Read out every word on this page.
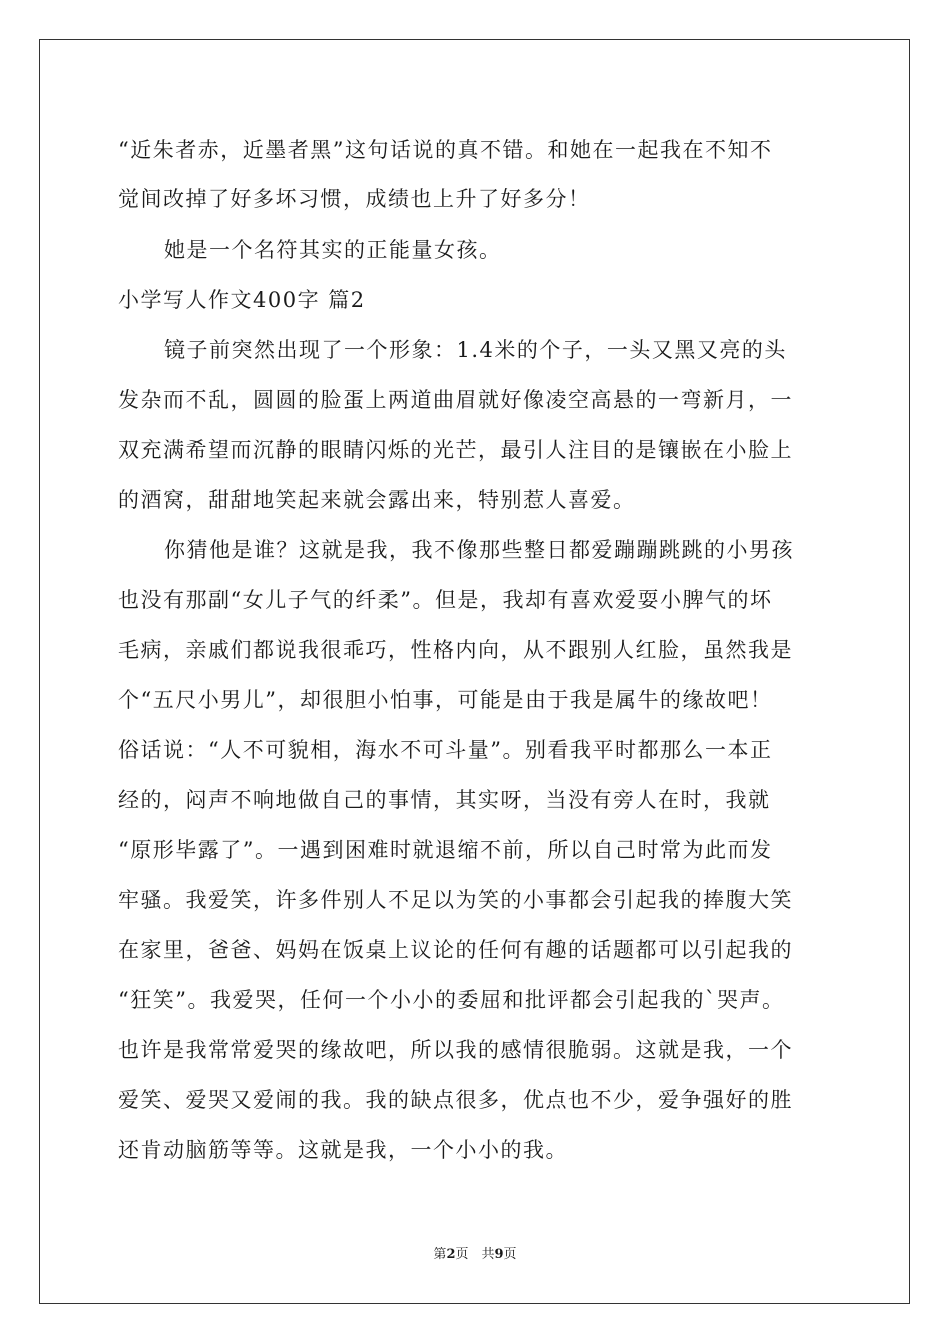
“近朱者赤，近墨者黑”这句话说的真不错。和她在一起我在不知不
觉间改掉了好多坏习惯，成绩也上升了好多分！
她是一个名符其实的正能量女孩。
小学写人作文400字 篇2
镜子前突然出现了一个形象：1.4米的个子，一头又黑又亮的头
发杂而不乱，圆圆的脸蛋上两道曲眉就好像凌空高悬的一弯新月，一
双充满希望而沉静的眼睛闪烁的光芒，最引人注目的是镶嵌在小脸上
的酒窝，甜甜地笑起来就会露出来，特别惹人喜爱。
你猜他是谁？这就是我，我不像那些整日都爱蹦蹦跳跳的小男孩
也没有那副“女儿子气的纤柔”。但是，我却有喜欢爱耍小脾气的坏
毛病，亲戚们都说我很乖巧，性格内向，从不跟别人红脸，虽然我是
个“五尺小男儿”，却很胆小怕事，可能是由于我是属牛的缘故吧！
俗话说：“人不可貌相，海水不可斗量”。别看我平时都那么一本正
经的，闷声不响地做自己的事情，其实呀，当没有旁人在时，我就
“原形毕露了”。一遇到困难时就退缩不前，所以自己时常为此而发
牢骚。我爱笑，许多件别人不足以为笑的小事都会引起我的捧腹大笑
在家里，爸爸、妈妈在饭桌上议论的任何有趣的话题都可以引起我的
“狂笑”。我爱哭，任何一个小小的委屈和批评都会引起我的`哭声。
也许是我常常爱哭的缘故吧，所以我的感情很脆弱。这就是我，一个
爱笑、爱哭又爱闹的我。我的缺点很多，优点也不少，爱争强好的胜
还肯动脑筋等等。这就是我，一个小小的我。
第2页　共9页
